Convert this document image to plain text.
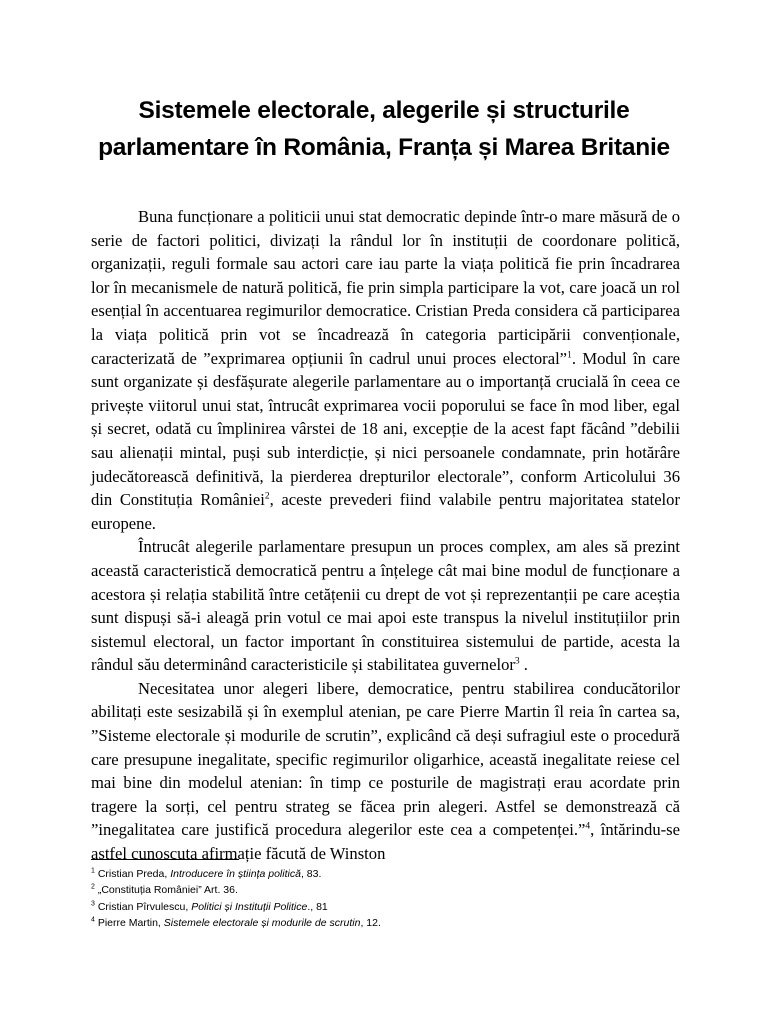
Sistemele electorale, alegerile și structurile
parlamentare în România, Franța și Marea Britanie

Buna funcționare a politicii unui stat democratic depinde într-o mare măsură de o serie de factori politici, divizați la rândul lor în instituții de coordonare politică, organizații, reguli formale sau actori care iau parte la viața politică fie prin încadrarea lor în mecanismele de natură politică, fie prin simpla participare la vot, care joacă un rol esențial în accentuarea regimurilor democratice. Cristian Preda considera că participarea la viața politică prin vot se încadrează în categoria participării convenționale, caracterizată de ”exprimarea opțiunii în cadrul unui proces electoral”$^1$. Modul în care sunt organizate și desfășurate alegerile parlamentare au o importanță crucială în ceea ce privește viitorul unui stat, întrucât exprimarea vocii poporului se face în mod liber, egal și secret, odată cu împlinirea vârstei de 18 ani, excepție de la acest fapt făcând ”debilii sau alienații mintal, puși sub interdicție, și nici persoanele condamnate, prin hotărâre judecătorească definitivă, la pierderea drepturilor electorale”, conform Articolului 36 din Constituția României$^2$, aceste prevederi fiind valabile pentru majoritatea statelor europene.

Întrucât alegerile parlamentare presupun un proces complex, am ales să prezint această caracteristică democratică pentru a înțelege cât mai bine modul de funcționare a acestora și relația stabilită între cetățenii cu drept de vot și reprezentanții pe care aceștia sunt dispuși să-i aleagă prin votul ce mai apoi este transpus la nivelul instituțiilor prin sistemul electoral, un factor important în constituirea sistemului de partide, acesta la rândul său determinând caracteristicile și stabilitatea guvernelor$^3$ .

Necesitatea unor alegeri libere, democratice, pentru stabilirea conducătorilor abilitați este sesizabilă și în exemplul atenian, pe care Pierre Martin îl reia în cartea sa, ”Sisteme electorale și modurile de scrutin”, explicând că deși sufragiul este o procedură care presupune inegalitate, specific regimurilor oligarhice, această inegalitate reiese cel mai bine din modelul atenian: în timp ce posturile de magistrați erau acordate prin tragere la sorți, cel pentru strateg se făcea prin alegeri. Astfel se demonstrează că ”inegalitatea care justifică procedura alegerilor este cea a competenței.”$^4$, întărindu-se astfel cunoscuta afirmație făcută de Winston

$^1$ Cristian Preda, Introducere în știința politică, 83.
$^2$ „Constituția României” Art. 36.
$^3$ Cristian Pîrvulescu, Politici și Instituții Politice., 81
$^4$ Pierre Martin, Sistemele electorale și modurile de scrutin, 12.
